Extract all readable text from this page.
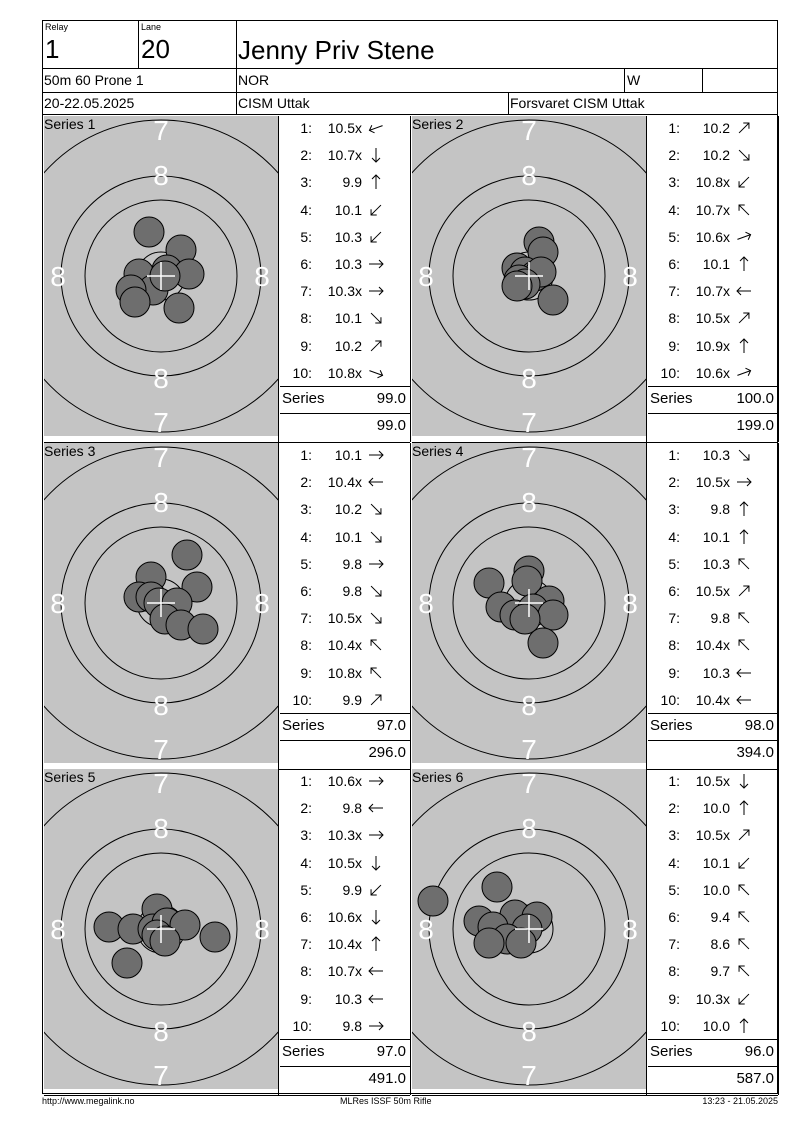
Relay
1
Lane
20	Jenny Priv Stene
50m 60 Prone 1	NOR	W
20-22.05.2025	CISM Uttak	Forsvaret CISM Uttak
7
7
8
8
8	8
Series 1	1:	10.5x
2:	10.7x
3:	9.9
4:	10.1
5:	10.3
6:	10.3
7:	10.3x
8:	10.1
9:	10.2
10:	10.8x
Series	99.0
99.0
7
7
8
8
8	8
Series 2	1:	10.2
2:	10.2
3:	10.8x
4:	10.7x
5:	10.6x
6:	10.1
7:	10.7x
8:	10.5x
9:	10.9x
10:	10.6x
Series	100.0
199.0
7
7
8
8
8	8
Series 3	1:	10.1
2:	10.4x
3:	10.2
4:	10.1
5:	9.8
6:	9.8
7:	10.5x
8:	10.4x
9:	10.8x
10:	9.9
Series	97.0
296.0
7
7
8
8
8	8
Series 4	1:	10.3
2:	10.5x
3:	9.8
4:	10.1
5:	10.3
6:	10.5x
7:	9.8
8:	10.4x
9:	10.3
10:	10.4x
Series	98.0
394.0
7
7
8
8
8	8
Series 5	1:	10.6x
2:	9.8
3:	10.3x
4:	10.5x
5:	9.9
6:	10.6x
7:	10.4x
8:	10.7x
9:	10.3
10:	9.8
Series	97.0
491.0
7
7
8
8
8	8
Series 6	1:	10.5x
2:	10.0
3:	10.5x
4:	10.1
5:	10.0
6:	9.4
7:	8.6
8:	9.7
9:	10.3x
10:	10.0
Series	96.0
587.0
http://www.megalink.no	MLRes ISSF 50m Rifle	13:23 - 21.05.2025
